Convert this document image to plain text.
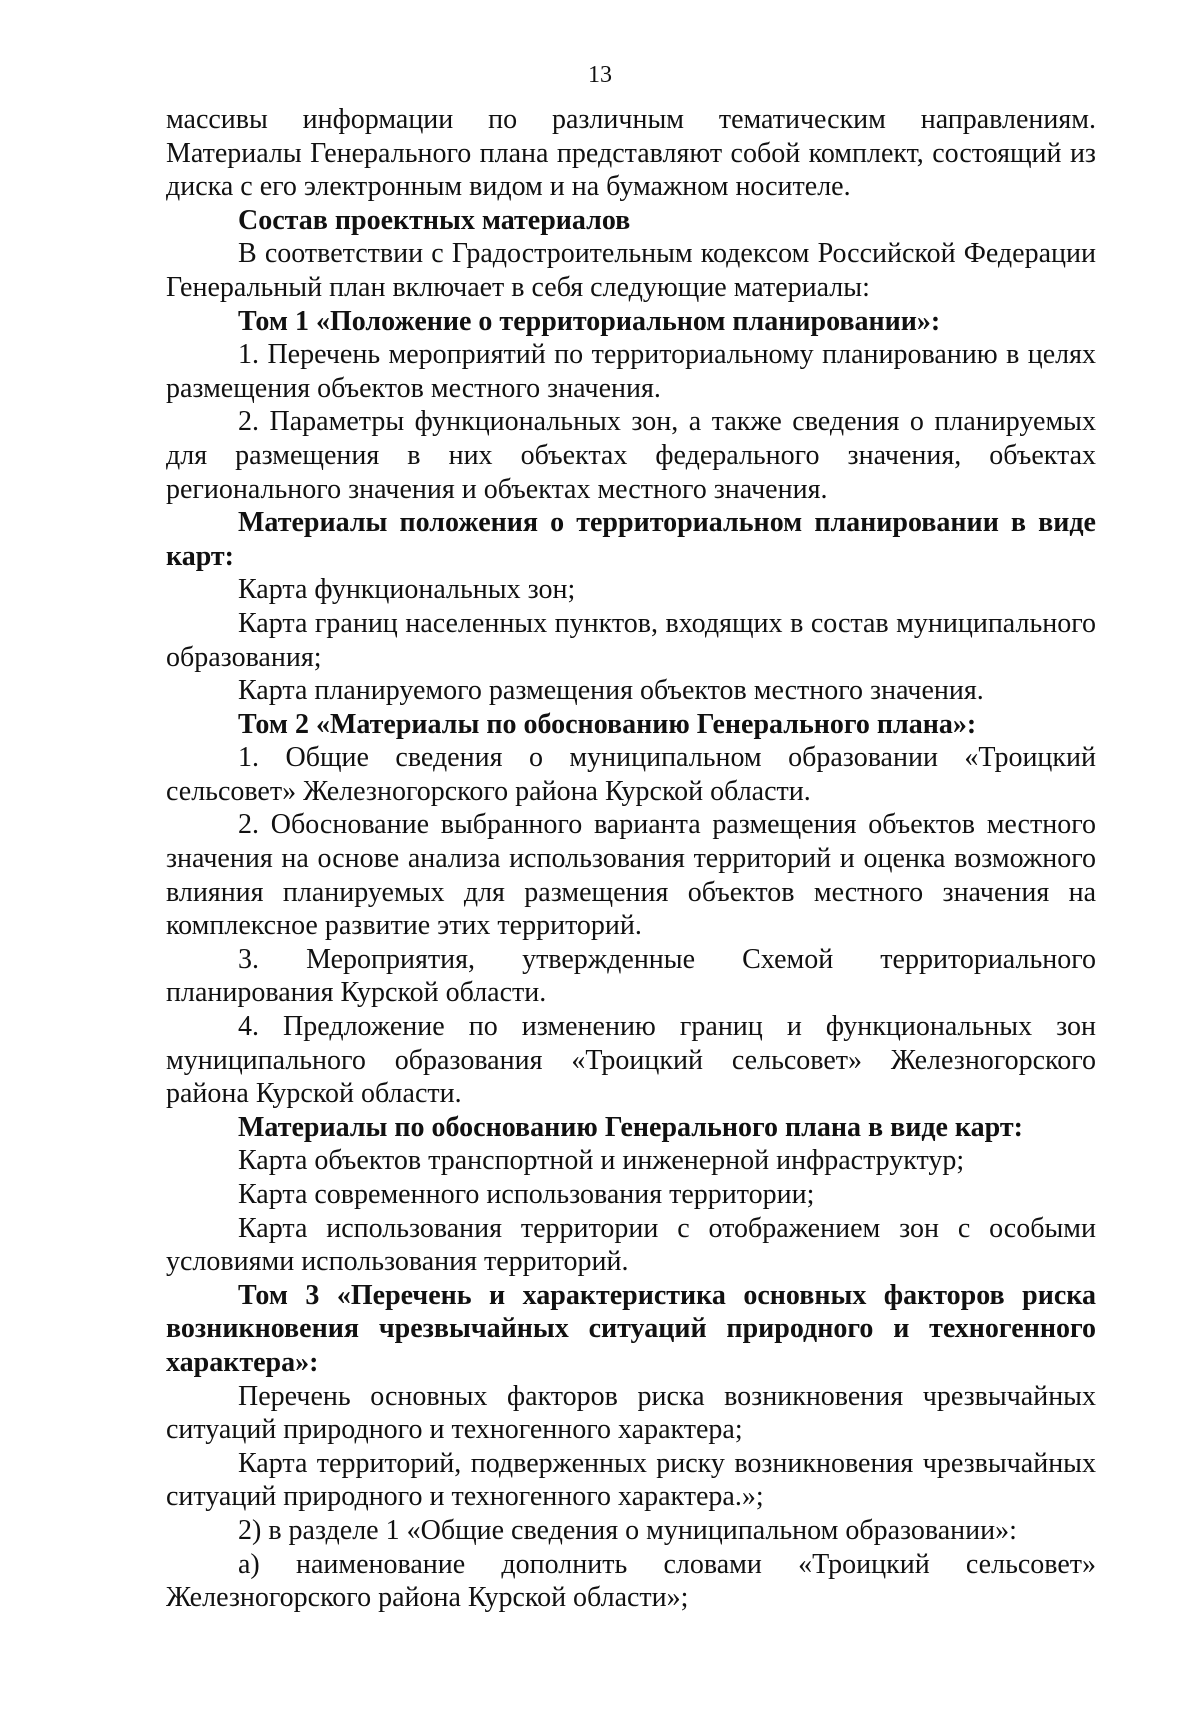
13

массивы информации по различным тематическим направлениям. Материалы Генерального плана представляют собой комплект, состоящий из диска с его электронным видом и на бумажном носителе.

Состав проектных материалов

В соответствии с Градостроительным кодексом Российской Федерации Генеральный план включает в себя следующие материалы:

Том 1 «Положение о территориальном планировании»:

1. Перечень мероприятий по территориальному планированию в целях размещения объектов местного значения.

2. Параметры функциональных зон, а также сведения о планируемых для размещения в них объектах федерального значения, объектах регионального значения и объектах местного значения.

Материалы положения о территориальном планировании в виде карт:

Карта функциональных зон;

Карта границ населенных пунктов, входящих в состав муниципального образования;

Карта планируемого размещения объектов местного значения.

Том 2 «Материалы по обоснованию Генерального плана»:

1. Общие сведения о муниципальном образовании «Троицкий сельсовет» Железногорского района Курской области.

2. Обоснование выбранного варианта размещения объектов местного значения на основе анализа использования территорий и оценка возможного влияния планируемых для размещения объектов местного значения на комплексное развитие этих территорий.

3. Мероприятия, утвержденные Схемой территориального планирования Курской области.

4. Предложение по изменению границ и функциональных зон муниципального образования «Троицкий сельсовет» Железногорского района Курской области.

Материалы по обоснованию Генерального плана в виде карт:

Карта объектов транспортной и инженерной инфраструктур;

Карта современного использования территории;

Карта использования территории с отображением зон с особыми условиями использования территорий.

Том 3 «Перечень и характеристика основных факторов риска возникновения чрезвычайных ситуаций природного и техногенного характера»:

Перечень основных факторов риска возникновения чрезвычайных ситуаций природного и техногенного характера;

Карта территорий, подверженных риску возникновения чрезвычайных ситуаций природного и техногенного характера.»;

2) в разделе 1 «Общие сведения о муниципальном образовании»:

а) наименование дополнить словами «Троицкий сельсовет» Железногорского района Курской области»;
